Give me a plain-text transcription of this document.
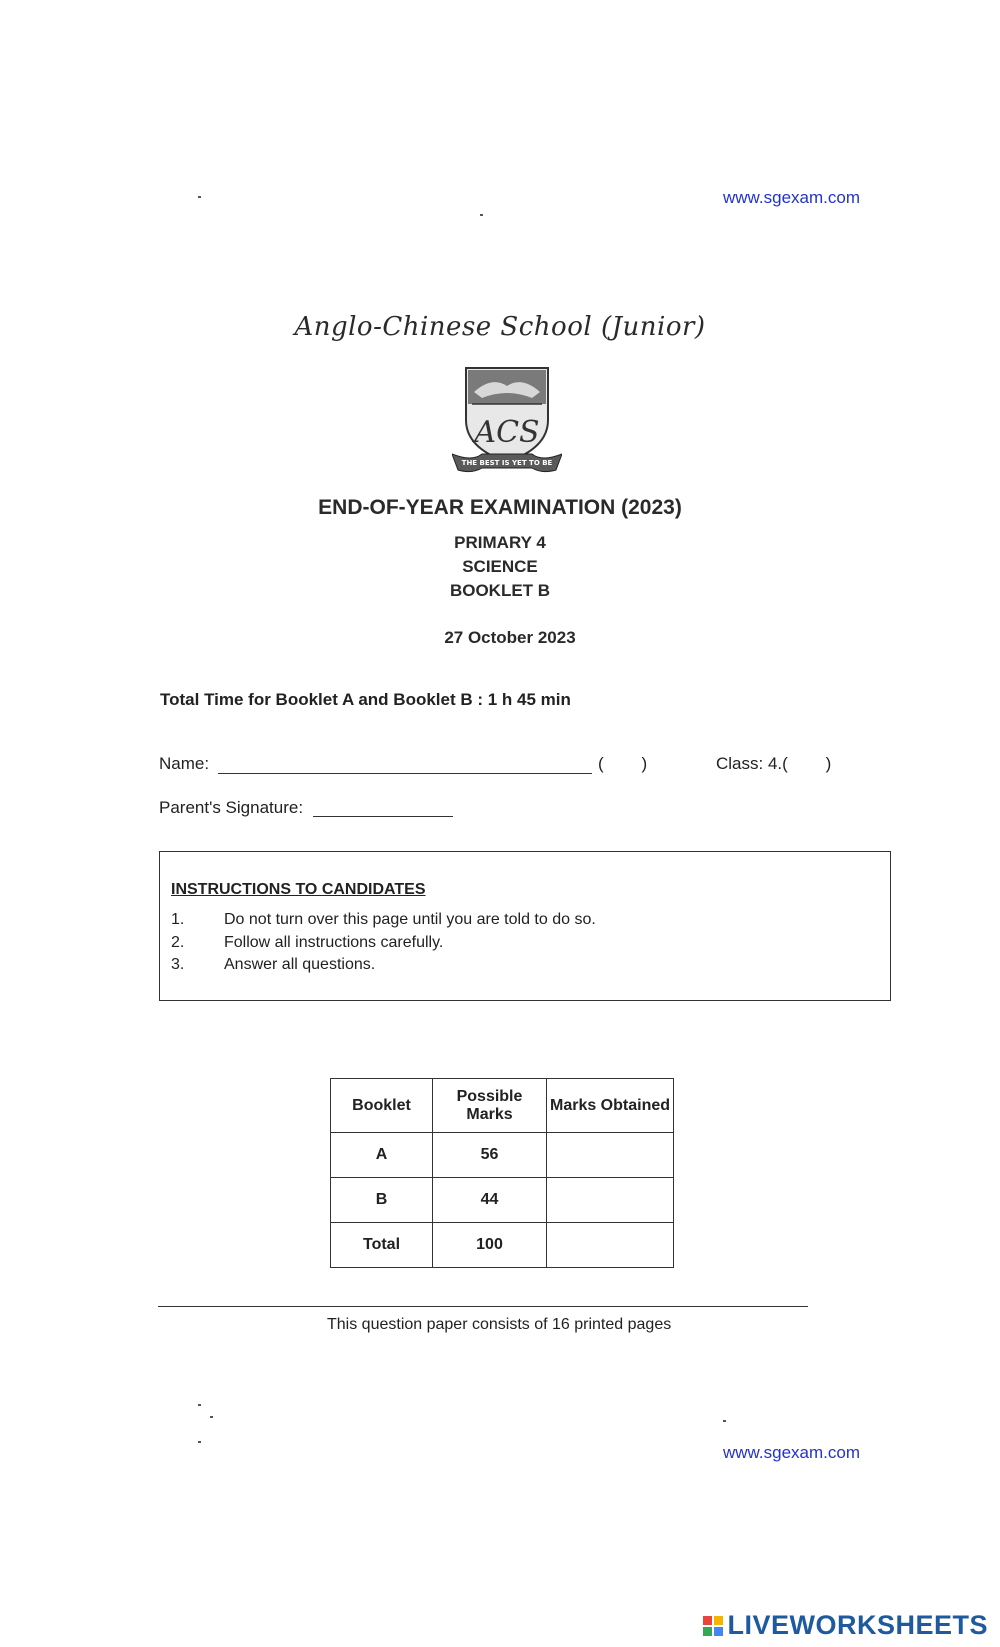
www.sgexam.com
Anglo-Chinese School (Junior)
ACS
THE BEST IS YET TO BE
END-OF-YEAR EXAMINATION (2023)
PRIMARY 4
SCIENCE
BOOKLET B
27 October 2023
Total Time for Booklet A and Booklet B : 1 h 45 min
Name:	(        )	Class: 4.(        )
Parent's Signature:
INSTRUCTIONS TO CANDIDATES
1. Do not turn over this page until you are told to do so.
2. Follow all instructions carefully.
3. Answer all questions.
Booklet	Possible Marks	Marks Obtained
A	56	
B	44	
Total	100	
This question paper consists of 16 printed pages
www.sgexam.com
LIVEWORKSHEETS
